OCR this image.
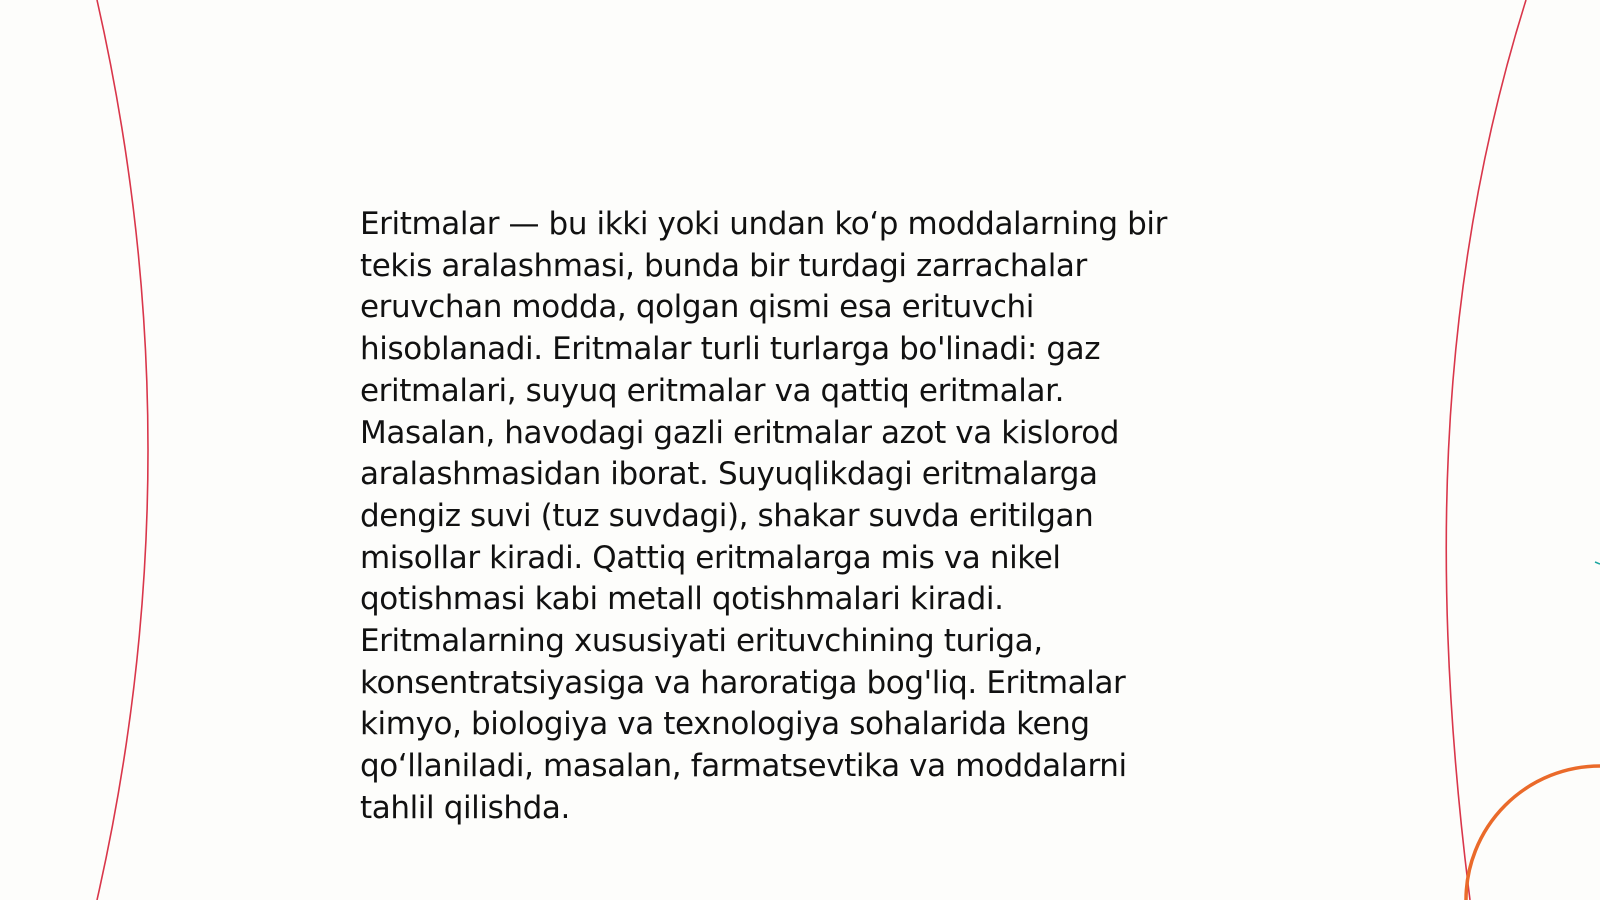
Eritmalar — bu ikki yoki undan ko‘p moddalarning bir
tekis aralashmasi, bunda bir turdagi zarrachalar
eruvchan modda, qolgan qismi esa erituvchi
hisoblanadi. Eritmalar turli turlarga bo'linadi: gaz
eritmalari, suyuq eritmalar va qattiq eritmalar.
Masalan, havodagi gazli eritmalar azot va kislorod
aralashmasidan iborat. Suyuqlikdagi eritmalarga
dengiz suvi (tuz suvdagi), shakar suvda eritilgan
misollar kiradi. Qattiq eritmalarga mis va nikel
qotishmasi kabi metall qotishmalari kiradi.
Eritmalarning xususiyati erituvchining turiga,
konsentratsiyasiga va haroratiga bog'liq. Eritmalar
kimyo, biologiya va texnologiya sohalarida keng
qo‘llaniladi, masalan, farmatsevtika va moddalarni
tahlil qilishda.
